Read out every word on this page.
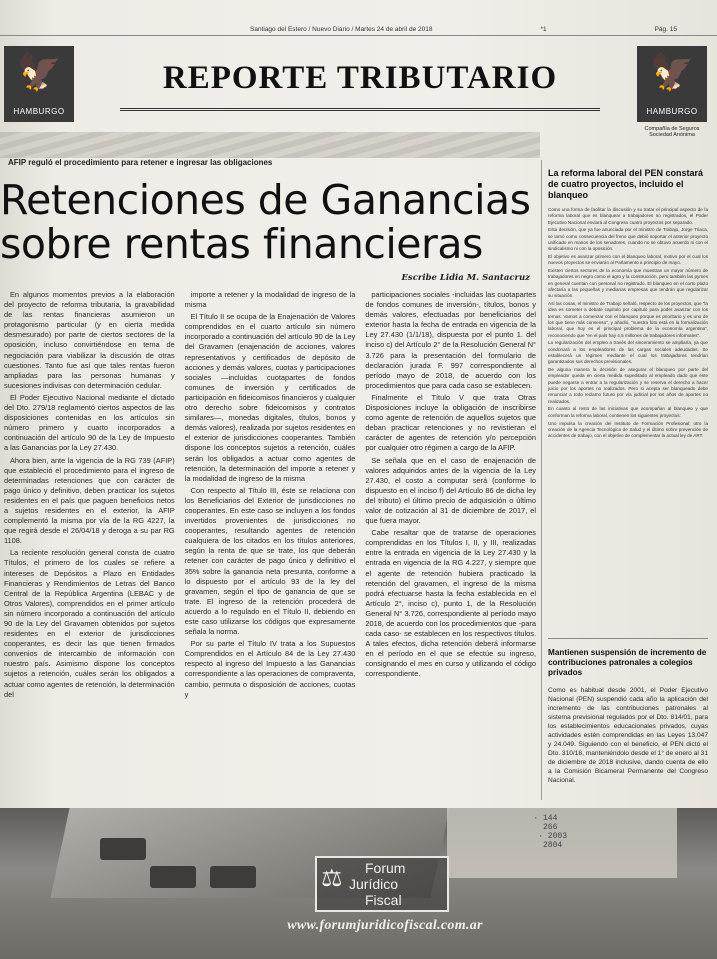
Santiago del Estero / Nuevo Diario / Martes 24 de abril de 2018	*1	Pág. 15
🦅
HAMBURGO
REPORTE TRIBUTARIO	🦅
HAMBURGO
Compañía de Seguros Sociedad Anónima
AFIP reguló el procedimiento para retener e ingresar las obligaciones
Retenciones de Ganancias
sobre rentas financieras
Escribe Lidia M. Santacruz

En algunos momentos previos a la elaboración del proyecto de reforma tributaria, la gravabilidad de las rentas financieras asumieron un protagonismo particular (y en cierta medida desmesurado) por parte de ciertos sectores de la oposición, incluso convirtiéndose en tema de negociación para viabilizar la discusión de otras cuestiones. Tanto fue así que tales rentas fueron ampliadas para las personas humanas y sucesiones indivisas con determinación cedular.

El Poder Ejecutivo Nacional mediante el dictado del Dto. 279/18 reglamentó ciertos aspectos de las disposiciones contenidas en los artículos sin número primero y cuarto incorporados a continuación del artículo 90 de la Ley de Impuesto a las Ganancias por la Ley 27.430.

Ahora bien, ante la vigencia de la RG 739 (AFIP) que estableció el procedimiento para el ingreso de determinadas retenciones que con carácter de pago único y definitivo, deben practicar los sujetos residentes en el país que paguen beneficios netos a sujetos residentes en el exterior, la AFIP complementó la misma por vía de la RG 4227, la que regirá desde el 26/04/18 y deroga a su par RG 1108.

La reciente resolución general consta de cuatro Títulos, el primero de los cuales se refiere a intereses de Depósitos a Plazo en Entidades Financieras y Rendimientos de Letras del Banco Central de la República Argentina (LEBAC y de Otros Valores), comprendidos en el primer artículo sin número incorporado a continuación del artículo 90 de la Ley del Gravamen obtenidos por sujetos residentes en el exterior de jurisdicciones cooperantes, es decir las que tienen firmados convenios de intercambio de información con nuestro país. Asimismo dispone los conceptos sujetos a retención, cuáles serán los obligados a actuar como agentes de retención, la determinación del

importe a retener y la modalidad de ingreso de la misma

El Título II se ocupa de la Enajenación de Valores comprendidos en el cuarto artículo sin número incorporado a continuación del artículo 90 de la Ley del Gravamen (enajenación de acciones, valores representativos y certificados de depósito de acciones y demás valores, cuotas y participaciones sociales —incluidas cuotapartes de fondos comunes de inversión y certificados de participación en fideicomisos financieros y cualquier otro derecho sobre fideicomisos y contratos similares—, monedas digitales, títulos, bonos y demás valores), realizada por sujetos residentes en el exterior de jurisdicciones cooperantes. También dispone los conceptos sujetos a retención, cuáles serán los obligados a actuar como agentes de retención, la determinación del importe a retener y la modalidad de ingreso de la misma

Con respecto al Título III, éste se relaciona con los Beneficiarios del Exterior de jurisdicciones no cooperantes. En este caso se incluyen a los fondos invertidos provenientes de jurisdicciones no cooperantes, resultando agentes de retención cualquiera de los citados en los títulos anteriores, según la renta de que se trate, los que deberán retener con carácter de pago único y definitivo el 35% sobre la ganancia neta presunta, conforme a lo dispuesto por el artículo 93 de la ley del gravamen, según el tipo de ganancia de que se trate. El ingreso de la retención procederá de acuerdo a lo regulado en el Título II, debiendo en este caso utilizarse los códigos que expresamente señala la norma.

Por su parte el Título IV trata a los Supuestos Comprendidos en el Artículo 84 de la Ley 27.430 respecto al ingreso del Impuesto a las Ganancias correspondiente a las operaciones de compraventa, cambio, permuta o disposición de acciones, cuotas y

participaciones sociales -incluidas las cuotapartes de fondos comunes de inversión-, títulos, bonos y demás valores, efectuadas por beneficiarios del exterior hasta la fecha de entrada en vigencia de la Ley 27.430 (1/1/18), dispuesta por el punto 1. del inciso c) del Artículo 2° de la Resolución General N° 3.726 para la presentación del formulario de declaración jurada F. 997 correspondiente al período mayo de 2018, de acuerdo con los procedimientos que para cada caso se establecen.

Finalmente el Título V que trata Otras Disposiciones incluye la obligación de inscribirse como agente de retención de aquellos sujetos que deban practicar retenciones y no revistieran el carácter de agentes de retención y/o percepción por cualquier otro régimen a cargo de la AFIP.

Se señala que en el caso de enajenación de valores adquiridos antes de la vigencia de la Ley 27.430, el costo a computar será (conforme lo dispuesto en el inciso f) del Artículo 86 de dicha ley del tributo) el último precio de adquisición o último valor de cotización al 31 de diciembre de 2017, el que fuera mayor.

Cabe resaltar que de tratarse de operaciones comprendidas en los Títulos I, II, y III, realizadas entre la entrada en vigencia de la Ley 27.430 y la entrada en vigencia de la RG 4.227, y siempre que el agente de retención hubiera practicado la retención del gravamen, el ingreso de la misma podrá efectuarse hasta la fecha establecida en el Artículo 2°, inciso c), punto 1, de la Resolución General N° 3.726, correspondiente al período mayo 2018, de acuerdo con los procedimientos que -para cada caso- se establecen en los respectivos títulos. A tales efectos, dicha retención deberá informarse en el período en el que se efectúe su ingreso, consignando el mes en curso y utilizando el código correspondiente.

La reforma laboral del PEN constará de cuatro proyectos, incluido el blanqueo

Como una forma de facilitar la discusión y su tratar el principal aspecto de la reforma laboral que es blanquear a trabajadores no registrados, el Poder Ejecutivo Nacional enviará al Congreso cuatro proyectos por separado.

Esta decisión, que ya fue anunciada por el ministro de Trabajo, Jorge Triaca, se tomó como consecuencia del freno que debió soportar el anterior proyecto unificado en manos de los senadores, cuando no se obtuvo acuerdo ni con el sindicalismo ni con la oposición.

El objetivo es avanzar primero con el blanqueo laboral, motivo por el cual los nuevos proyectos se enviarán al Parlamento a principio de mayo.

Existen ciertos sectores de la economía que muestran un mayor número de trabajadores en negro como el agro y la construcción, pero también las pymes en general cuentan con personal no registrado. El blanqueo en el corto plazo afectaría a las pequeñas y medianas empresas que tendrán que regularizar su situación.

Así las cosas, el ministro de Trabajo señaló, respecto de los proyectos, que "la idea es someter a debate capítulo por capítulo para poder avanzar con los temas. Vamos a comenzar con el blanqueo porque es prioritario y es uno de los que tiene más consenso", y añadió, "nuestra foto está en la formalización laboral, que hoy es el principal problema de la economía argentina", reconociendo que "en el país hay 4,5 millones de trabajadores informales".

La regularización del empleo a través del sinceramiento se ampliaría, ya que condonará a los empleadores de las cargas sociales adeudadas. Se establecerá un régimen mediante el cual los trabajadores tendrían garantizados sus derechos previsionales.

De alguna manera la decisión de asegurar el blanqueo por parte del empleador queda en cierta medida supeditado al empleado dado que éste puede negarse a entrar a la regularización y se reserva el derecho a hacer juicio por los aportes no realizados. Pero si acepta ser blanqueado debe renunciar a todo reclamo futuro por vía judicial por los años de aportes no realizados.

En cuanto al resto de las iniciativas que acompañan al blanqueo y que conforman la reforma laboral, contienen los siguientes proyectos:

Uno impulsa la creación del Instituto de Formación Profesional; otro la creación de la Agencia Tecnológica de Salud y el último sobre prevención de accidentes de trabajo, con el objetivo de complementar la actual ley de ART.

Mantienen suspensión de incremento de contribuciones patronales a colegios privados
Como es habitual desde 2001, el Poder Ejecutivo Nacional (PEN) suspendió cada año la aplicación del incremento de las contribuciones patronales al sistema previsional regulados por el Dto. 814/01, para los establecimientos educacionales privados, cuyas actividades estén comprendidas en las Leyes 13.047 y 24.049. Siguiendo con el beneficio, el PEN dictó el Dto. 310/18, manteniéndolo desde el 1° de enero al 31 de diciembre de 2018 inclusive, dando cuenta de ello a la Comisión Bicameral Permanente del Congreso Nacional.
· 144
266
· 2003
2804
⚖ Forum
Jurídico
Fiscal
www.forumjuridicofiscal.com.ar
